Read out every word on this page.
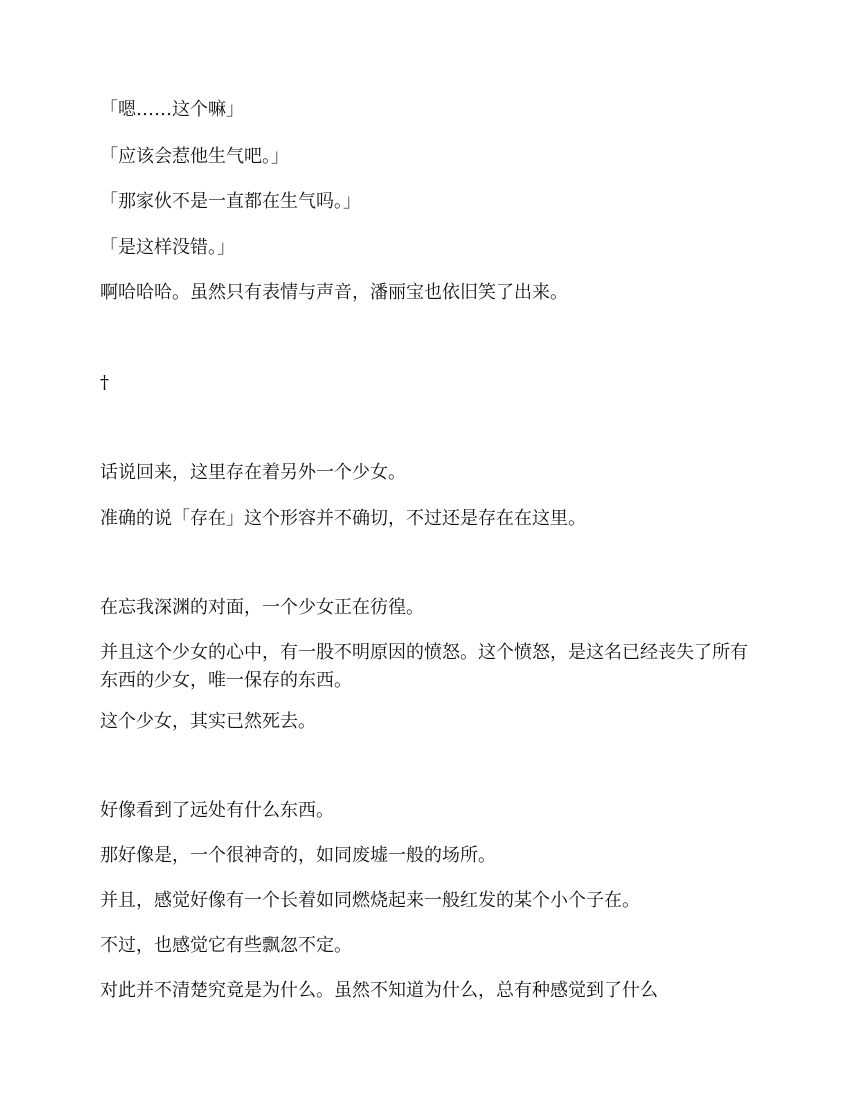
「嗯……这个嘛」

「应该会惹他生气吧。」

「那家伙不是一直都在生气吗。」

「是这样没错。」

啊哈哈哈。虽然只有表情与声音，潘丽宝也依旧笑了出来。

†

话说回来，这里存在着另外一个少女。

准确的说「存在」这个形容并不确切，不过还是存在在这里。

在忘我深渊的对面，一个少女正在彷徨。

并且这个少女的心中，有一股不明原因的愤怒。这个愤怒，是这名已经丧失了所有东西的少女，唯一保存的东西。

这个少女，其实已然死去。

好像看到了远处有什么东西。

那好像是，一个很神奇的，如同废墟一般的场所。

并且，感觉好像有一个长着如同燃烧起来一般红发的某个小个子在。

不过，也感觉它有些飘忽不定。

对此并不清楚究竟是为什么。虽然不知道为什么，总有种感觉到了什么
